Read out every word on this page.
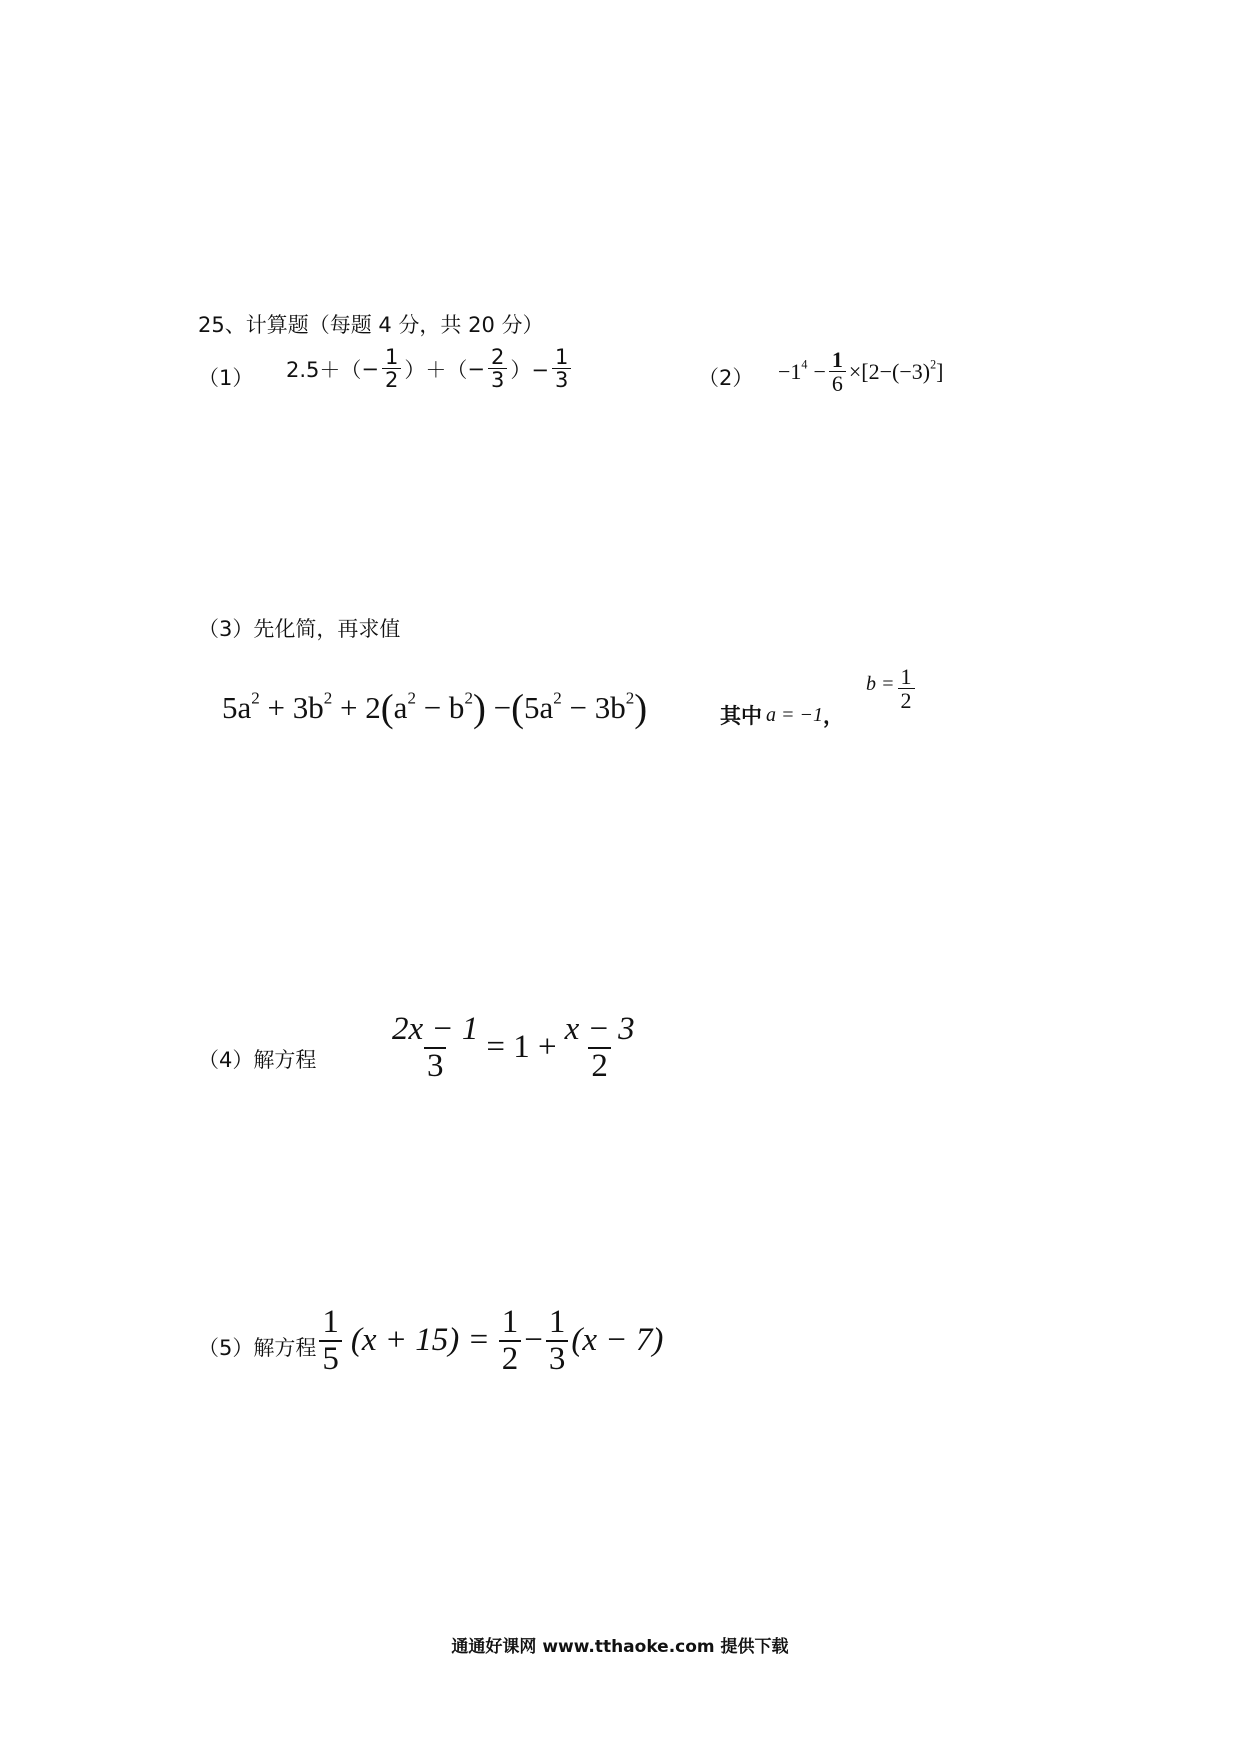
25、计算题（每题 4 分，共 20 分）
（1） $2.5+( - \frac{1}{2}$ ）＋（ − $\frac{2}{3}$ ）− $\frac{1}{3}$	$(2) -1^4 - \frac{1}{6} \times[2-(-3)^2]$
（3）先化简，再求值
$5a^2 + 3b^2 + 2(a^2 - b^2) -(5a^2 - 3b^2)$	其中 a = −1 ，
$b = \frac{1}{2}$
（4）解方程 $\frac{2x - 1}{3} = 1 + \frac{x - 3}{2}$
（5）解方程 $\frac{1}{5} (x + 15) = \frac{1}{2} - \frac{1}{3} (x - 7)$
通通好课网 www.tthaoke.com 提供下载
